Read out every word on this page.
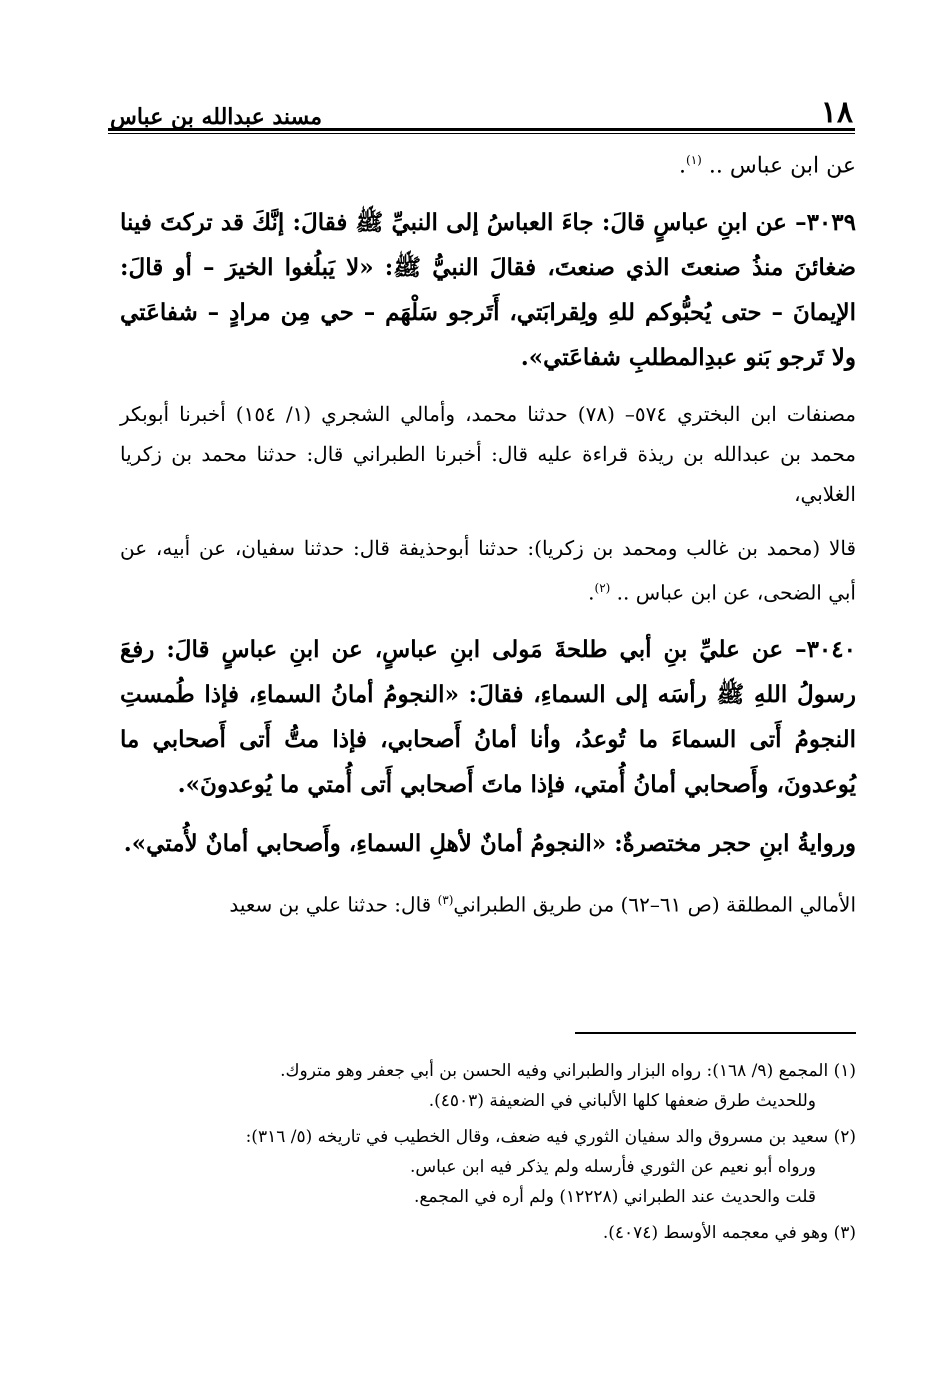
١٨
مسند عبدالله بن عباس

عن ابن عباس .. $^{(١)}$.

٣٠٣٩– عن ابنِ عباسٍ قالَ: جاءَ العباسُ إلى النبيِّ ﷺ فقالَ: إنَّكَ قد تركتَ فينا ضغائنَ منذُ صنعتَ الذي صنعتَ، فقالَ النبيُّ ﷺ: «لا يَبلُغوا الخيرَ – أو قالَ: الإيمانَ – حتى يُحبُّوكم للهِ ولِقرابَتي، أَتَرجو سَلْهَم – حي مِن مرادٍ – شفاعَتي ولا تَرجو بَنو عبدِالمطلبِ شفاعَتي».

مصنفات ابن البختري ٥٧٤– (٧٨) حدثنا محمد، وأمالي الشجري (١/ ١٥٤) أخبرنا أبوبكر محمد بن عبدالله بن ريذة قراءة عليه قال: أخبرنا الطبراني قال: حدثنا محمد بن زكريا الغلابي،

قالا (محمد بن غالب ومحمد بن زكريا): حدثنا أبوحذيفة قال: حدثنا سفيان، عن أبيه، عن أبي الضحى، عن ابن عباس .. $^{(٢)}$.

٣٠٤٠– عن عليِّ بنِ أبي طلحةَ مَولى ابنِ عباسٍ، عن ابنِ عباسٍ قالَ: رفعَ رسولُ اللهِ ﷺ رأسَه إلى السماءِ، فقالَ: «النجومُ أمانُ السماءِ، فإذا طُمستِ النجومُ أَتى السماءَ ما تُوعدُ، وأنا أمانُ أَصحابي، فإذا متُّ أَتى أَصحابي ما يُوعدونَ، وأَصحابي أمانُ أُمتي، فإذا ماتَ أَصحابي أَتى أُمتي ما يُوعدونَ».

وروايةُ ابنِ حجر مختصرةٌ: «النجومُ أمانٌ لأهلِ السماءِ، وأَصحابي أمانٌ لأُمتي».

الأمالي المطلقة (ص ٦١–٦٢) من طريق الطبراني$^{(٣)}$ قال: حدثنا علي بن سعيد

(١) المجمع (٩/ ١٦٨): رواه البزار والطبراني وفيه الحسن بن أبي جعفر وهو متروك.
وللحديث طرق ضعفها كلها الألباني في الضعيفة (٤٥٠٣).
(٢) سعيد بن مسروق والد سفيان الثوري فيه ضعف، وقال الخطيب في تاريخه (٥/ ٣١٦):
ورواه أبو نعيم عن الثوري فأرسله ولم يذكر فيه ابن عباس.
قلت والحديث عند الطبراني (١٢٢٢٨) ولم أره في المجمع.
(٣) وهو في معجمه الأوسط (٤٠٧٤).
